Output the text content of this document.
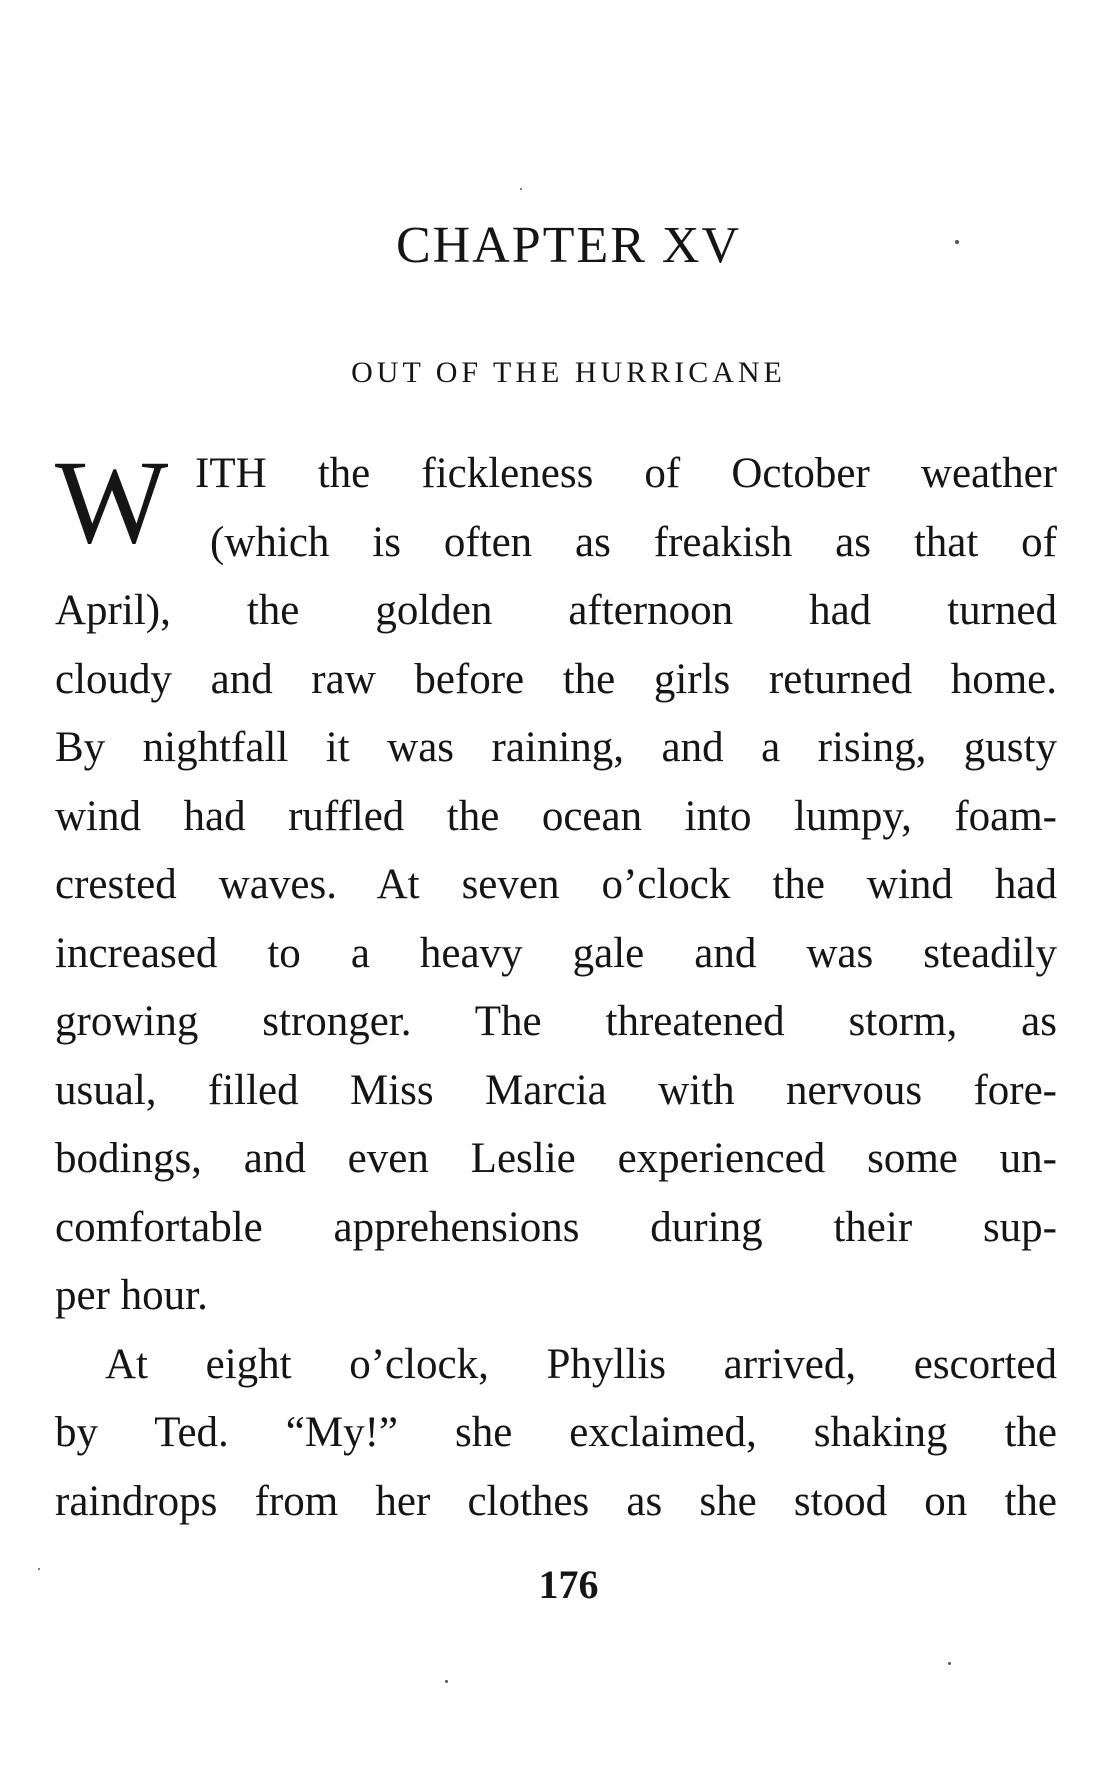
CHAPTER XV
OUT OF THE HURRICANE
W ITH the fickleness of October weather
(which is often as freakish as that of
April), the golden afternoon had turned
cloudy and raw before the girls returned home.
By nightfall it was raining, and a rising, gusty
wind had ruffled the ocean into lumpy, foam-
crested waves. At seven o’clock the wind had
increased to a heavy gale and was steadily
growing stronger. The threatened storm, as
usual, filled Miss Marcia with nervous fore-
bodings, and even Leslie experienced some un-
comfortable apprehensions during their sup-
per hour.
At eight o’clock, Phyllis arrived, escorted
by Ted. “My!” she exclaimed, shaking the
raindrops from her clothes as she stood on the
176
